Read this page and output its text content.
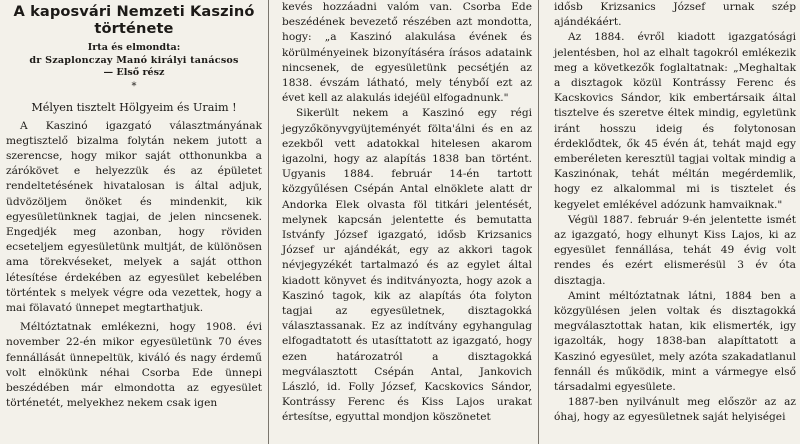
A kaposvári Nemzeti Kaszinó
története
Irta és elmondta:
dr Szaplonczay Manó királyi tanácsos
— Első rész
*
Mélyen tisztelt Hölgyeim és Uraim !

A Kaszinó igazgató választmányának megtisztelő bizalma folytán nekem jutott a szerencse, hogy mikor saját otthonunkba a zárókövet e helyezzük és az épületet rendeltetésének hivatalosan is által adjuk, üdvözöljem önöket és mindenkit, kik egyesületünknek tagjai, de jelen nincsenek. Engedjék meg azonban, hogy röviden ecseteljem egyesületünk multját, de különösen ama törekvéseket, melyek a saját otthon létesítése érdekében az egyesület kebelében történtek s melyek végre oda vezettek, hogy a mai fölavató ünnepet megtarthatjuk.

Méltóztatnak emlékezni, hogy 1908. évi november 22-én mikor egyesületünk 70 éves fennállását ünnepeltük, kiváló és nagy érdemű volt elnökünk néhai Csorba Ede ünnepi beszédében már elmondotta az egyesület történetét, melyekhez nekem csak igen

kevés hozzáadni valóm van. Csorba Ede beszédének bevezető részében azt mondotta, hogy: „a Kaszinó alakulása évének és körülményeinek bizonyításéra írásos adataink nincsenek, de egyesületünk pecsétjén az 1838. évszám látható, mely ténybőí ezt az évet kell az alakulás idejéül elfogadnunk."

Sikerült nekem a Kaszinó egy régi jegyzőkönyvgyüjteményét fölta'álni és en az ezekből vett adatokkal hitelesen akarom igazolni, hogy az alapítás 1838 ban történt. Ugyanis 1884. február 14-én tartott közgyűlésen Csépán Antal elnöklete alatt dr Andorka Elek olvasta föl titkári jelentését, melynek kapcsán jelentette és bemutatta Istvánfy József igazgató, idősb Krizsanics József ur ajándékát, egy az akkori tagok névjegyzékét tartalmazó és az egylet által kiadott könyvet és inditványozta, hogy azok a Kaszinó tagok, kik az alapítás óta folyton tagjai az egyesületnek, disztagokká választassanak. Ez az indítvány egyhangulag elfogadtatott és utasíttatott az igazgató, hogy ezen határozatról a disztagokká megválasztott Csépán Antal, Jankovich László, id. Folly József, Kacskovics Sándor, Kontrássy Ferenc és Kiss Lajos urakat értesítse, egyuttal mondjon köszönetet

idősb Krizsanics József urnak szép ajándékáért.

Az 1884. évről kiadott igazgatósági jelentésben, hol az elhalt tagokról emlékezik meg a következők foglaltatnak: „Meghaltak a disztagok közül Kontrássy Ferenc és Kacskovics Sándor, kik embertársaik által tisztelve és szeretve éltek mindig, egyletünk iránt hosszu ideig és folytonosan érdeklődtek, ők 45 évén át, tehát majd egy emberéleten keresztül tagjai voltak mindig a Kaszinónak, tehát méltán megérdemlik, hogy ez alkalommal mi is tisztelet és kegyelet emlékével adózunk hamvaiknak."

Végül 1887. február 9-én jelentette ismét az igazgató, hogy elhunyt Kiss Lajos, ki az egyesület fennállása, tehát 49 évig volt rendes és ezért elismerésül 3 év óta disztagja.

Amint méltóztatnak látni, 1884 ben a közgyülésen jelen voltak és disztagokká megválasztottak hatan, kik elismerték, igy igazolták, hogy 1838-ban alapíttatott a Kaszinó egyesület, mely azóta szakadatlanul fennáll és működik, mint a vármegye első társadalmi egyesülete.

1887-ben nyilvánult meg először az az óhaj, hogy az egyesületnek saját helyiségei
